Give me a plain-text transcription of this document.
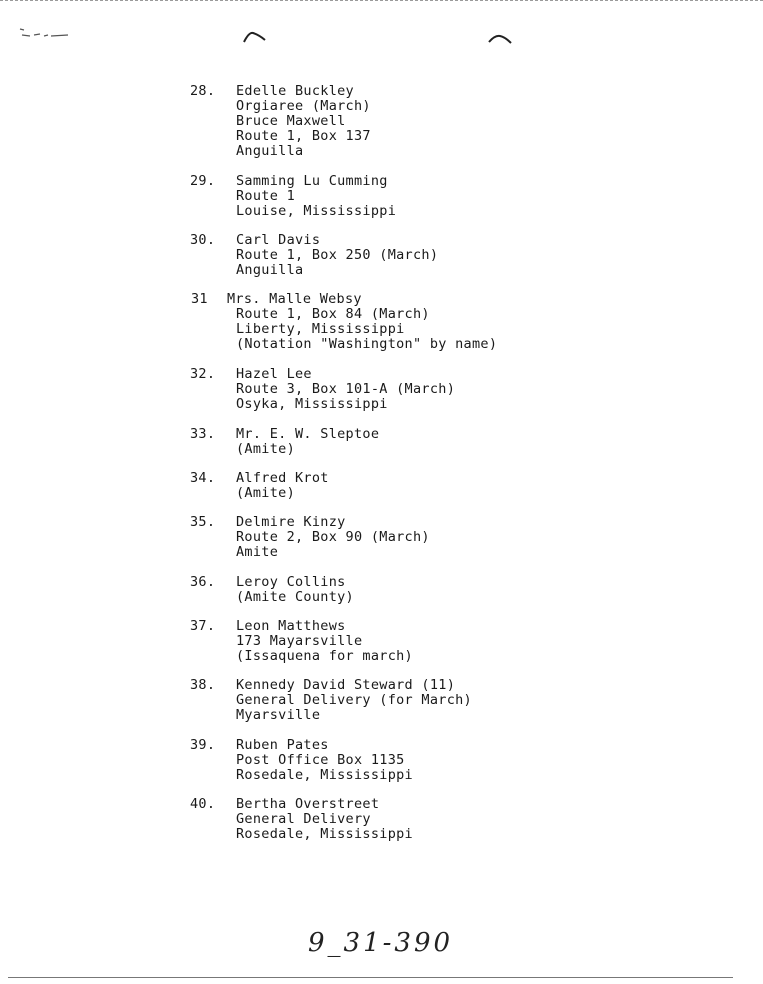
28. Edelle Buckley
Orgiaree (March)
Bruce Maxwell
Route 1, Box 137
Anguilla
29. Samming Lu Cumming
Route 1
Louise, Mississippi
30. Carl Davis
Route 1, Box 250 (March)
Anguilla
31 Mrs. Malle Websy
Route 1, Box 84 (March)
Liberty, Mississippi
(Notation "Washington" by name)
32. Hazel Lee
Route 3, Box 101-A (March)
Osyka, Mississippi
33. Mr. E. W. Sleptoe
(Amite)
34. Alfred Krot
(Amite)
35. Delmire Kinzy
Route 2, Box 90 (March)
Amite
36. Leroy Collins
(Amite County)
37. Leon Matthews
173 Mayarsville
(Issaquena for march)
38. Kennedy David Steward (11)
General Delivery (for March)
Myarsville
39. Ruben Pates
Post Office Box 1135
Rosedale, Mississippi
40. Bertha Overstreet
General Delivery
Rosedale, Mississippi
9_31-390
